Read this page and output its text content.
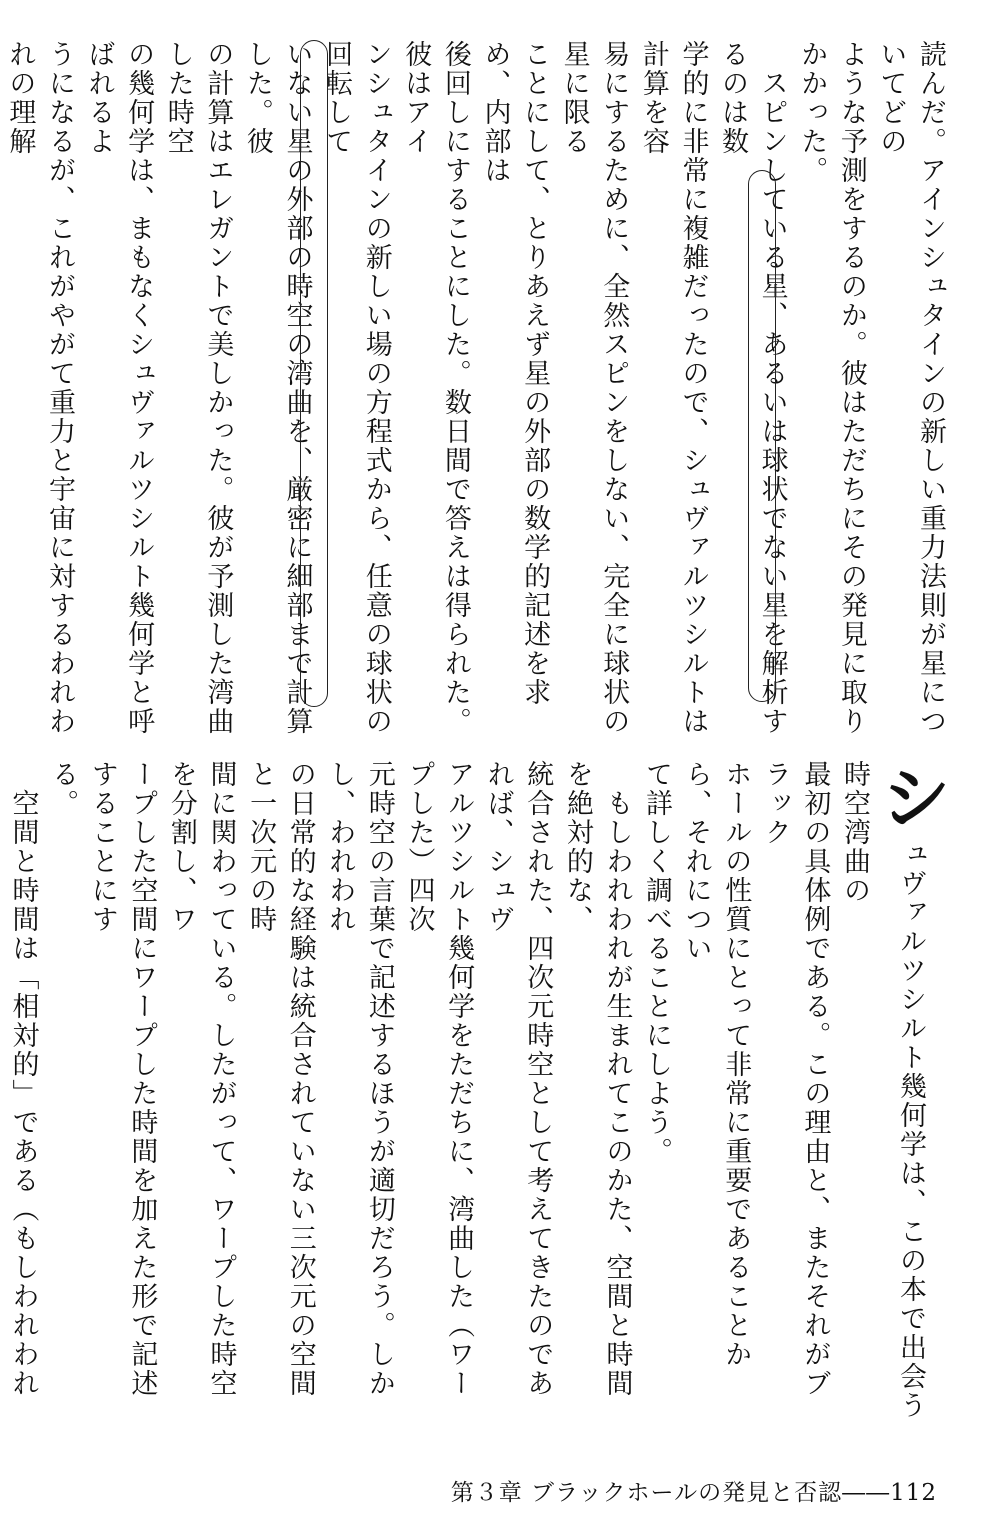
読んだ。アインシュタインの新しい重力法則が星についてどの
ような予測をするのか。彼はただちにその発見に取りかかった。
　スピンしている星、あるいは球状でない星を解析するのは数
学的に非常に複雑だったので、シュヴァルツシルトは計算を容
易にするために、全然スピンをしない、完全に球状の星に限る
ことにして、とりあえず星の外部の数学的記述を求め、内部は
後回しにすることにした。数日間で答えは得られた。彼はアイ
ンシュタインの新しい場の方程式から、任意の球状の回転して
いない星の外部の時空の湾曲を、厳密に細部まで計算した。彼
の計算はエレガントで美しかった。彼が予測した湾曲した時空
の幾何学は、まもなくシュヴァルツシルト幾何学と呼ばれるよ
うになるが、これがやがて重力と宇宙に対するわれわれの理解
シュヴァルツシルト幾何学は、この本で出会う時空湾曲の
最初の具体例である。この理由と、またそれがブラック
ホールの性質にとって非常に重要であることから、それについ
て詳しく調べることにしよう。
　もしわれわれが生まれてこのかた、空間と時間を絶対的な、
統合された、四次元時空として考えてきたのであれば、シュヴ
アルツシルト幾何学をただちに、湾曲した（ワープした）四次
元時空の言葉で記述するほうが適切だろう。しかし、われわれ
の日常的な経験は統合されていない三次元の空間と一次元の時
間に関わっている。したがって、ワープした時空を分割し、ワ
ープした空間にワープした時間を加えた形で記述することにす
る。
　空間と時間は「相対的」である（もしわれわれ
第３章 ブラックホールの発見と否認――112
